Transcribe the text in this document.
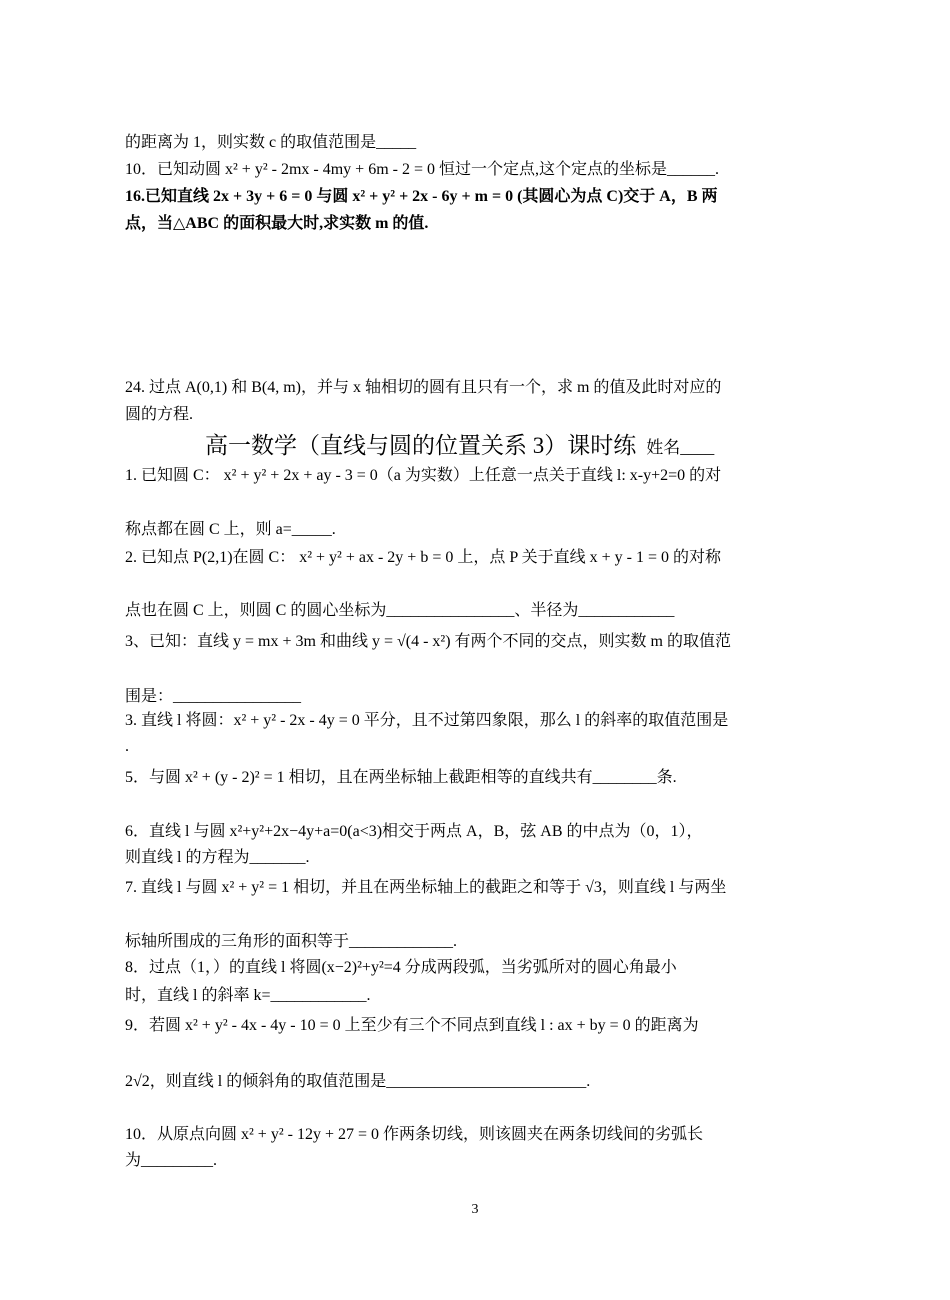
的距离为 1，则实数 c 的取值范围是_____
10．已知动圆 x² + y² - 2mx - 4my + 6m - 2 = 0 恒过一个定点,这个定点的坐标是______.
16.已知直线 2x + 3y + 6 = 0 与圆 x² + y² + 2x - 6y + m = 0 (其圆心为点 C)交于 A，B 两
点，当△ABC 的面积最大时,求实数 m 的值.
24. 过点 A(0,1) 和 B(4, m)，并与 x 轴相切的圆有且只有一个，求 m 的值及此时对应的
圆的方程.
高一数学（直线与圆的位置关系 3）课时练 姓名____
1. 已知圆 C： x² + y² + 2x + ay - 3 = 0（a 为实数）上任意一点关于直线 l: x-y+2=0 的对
称点都在圆 C 上，则 a=_____.
2. 已知点 P(2,1)在圆 C： x² + y² + ax - 2y + b = 0 上，点 P 关于直线 x + y - 1 = 0 的对称
点也在圆 C 上，则圆 C 的圆心坐标为________________、半径为____________
3、已知：直线 y = mx + 3m 和曲线 y = √(4 - x²) 有两个不同的交点，则实数 m 的取值范
围是：________________
3. 直线 l 将圆：x² + y² - 2x - 4y = 0 平分，且不过第四象限，那么 l 的斜率的取值范围是
.
5．与圆 x² + (y - 2)² = 1 相切，且在两坐标轴上截距相等的直线共有________条.
6．直线 l 与圆 x²+y²+2x−4y+a=0(a<3)相交于两点 A，B，弦 AB 的中点为（0，1），
则直线 l 的方程为_______.
7. 直线 l 与圆 x² + y² = 1 相切，并且在两坐标轴上的截距之和等于 √3，则直线 l 与两坐
标轴所围成的三角形的面积等于_____________.
8．过点（1，）的直线 l 将圆(x−2)²+y²=4 分成两段弧，当劣弧所对的圆心角最小
时，直线 l 的斜率 k=____________.
9．若圆 x² + y² - 4x - 4y - 10 = 0 上至少有三个不同点到直线 l : ax + by = 0 的距离为
2√2，则直线 l 的倾斜角的取值范围是_________________________.
10．从原点向圆 x² + y² - 12y + 27 = 0 作两条切线，则该圆夹在两条切线间的劣弧长
为_________.
3
